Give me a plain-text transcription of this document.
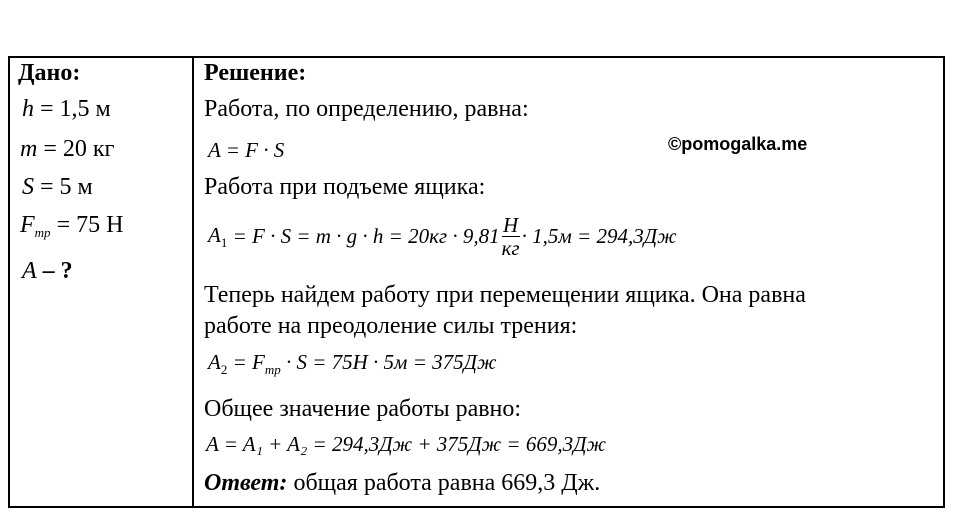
Дано:
h = 1,5 м
m = 20 кг
S = 5 м
$F_{тр} = 75$ Н
A – ?
Решение:
Работа, по определению, равна:
A = F · S	©pomogalka.me
Работа при подъеме ящика:
$A_1 = F \cdot S = m \cdot g \cdot h = 20кг \cdot 9,81 \frac{Н}{кг} \cdot 1,5м = 294,3Дж$
Теперь найдем работу при перемещении ящика. Она равна
работе на преодоление силы трения:
$A_2 = F_{тр} \cdot S = 75Н \cdot 5м = 375Дж$
Общее значение работы равно:
A = A₁ + A₂ = 294,3Дж + 375Дж = 669,3Дж
Ответ: общая работа равна 669,3 Дж.
